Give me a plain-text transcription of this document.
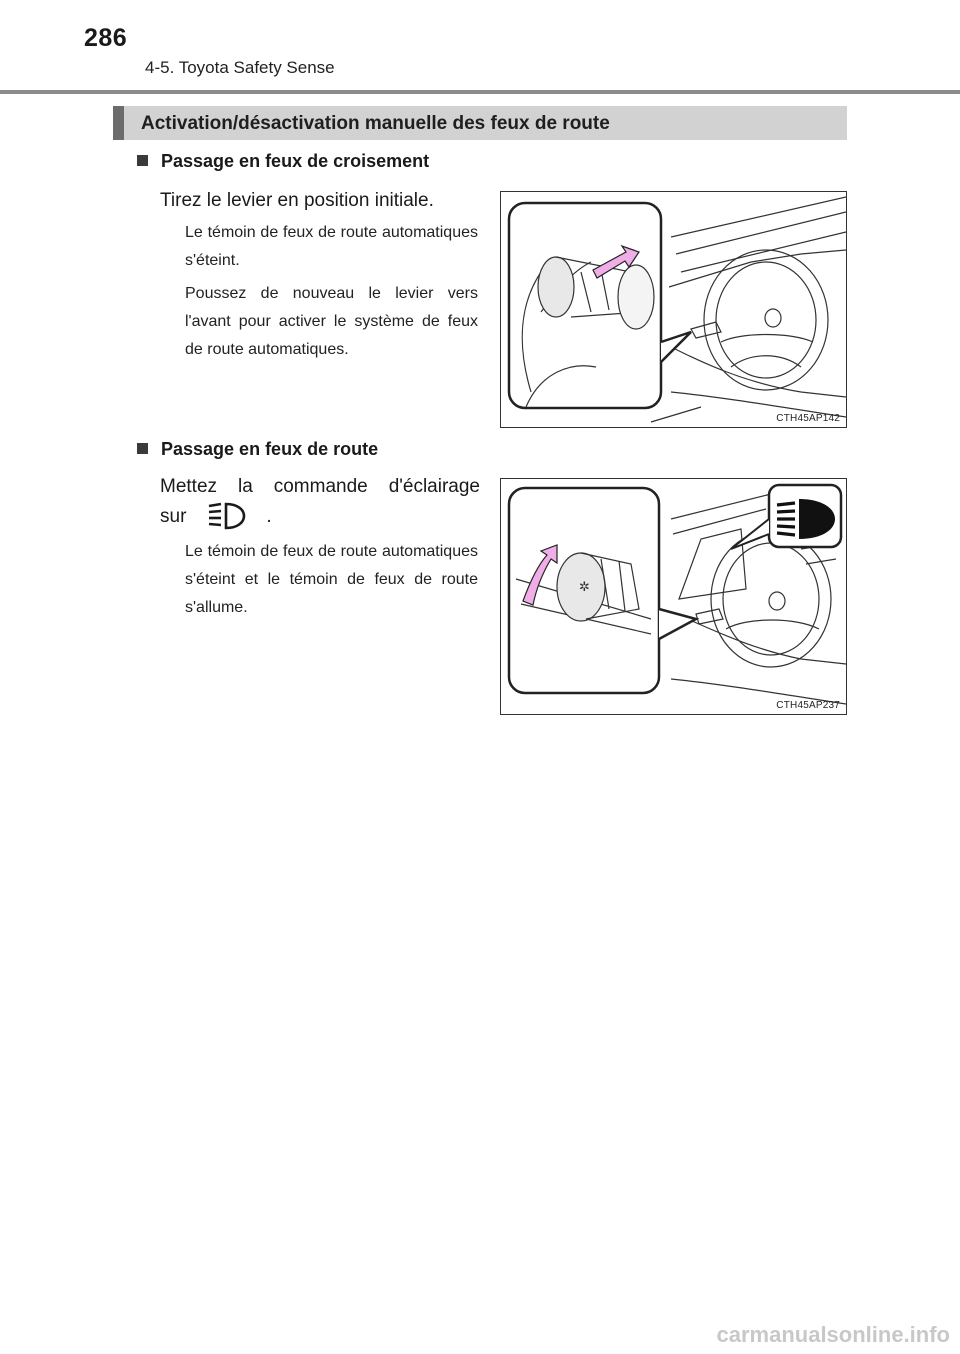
286
4-5. Toyota Safety Sense
Activation/désactivation manuelle des feux de route
Passage en feux de croisement
Tirez le levier en position initiale.
Le témoin de feux de route automatiques s'éteint.
Poussez de nouveau le levier vers l'avant pour activer le système de feux de route automatiques.
CTH45AP142
Passage en feux de route
Mettez la commande d'éclairage
sur	.
Le témoin de feux de route automatiques s'éteint et le témoin de feux de route s'allume.
✲
CTH45AP237
carmanualsonline.info
